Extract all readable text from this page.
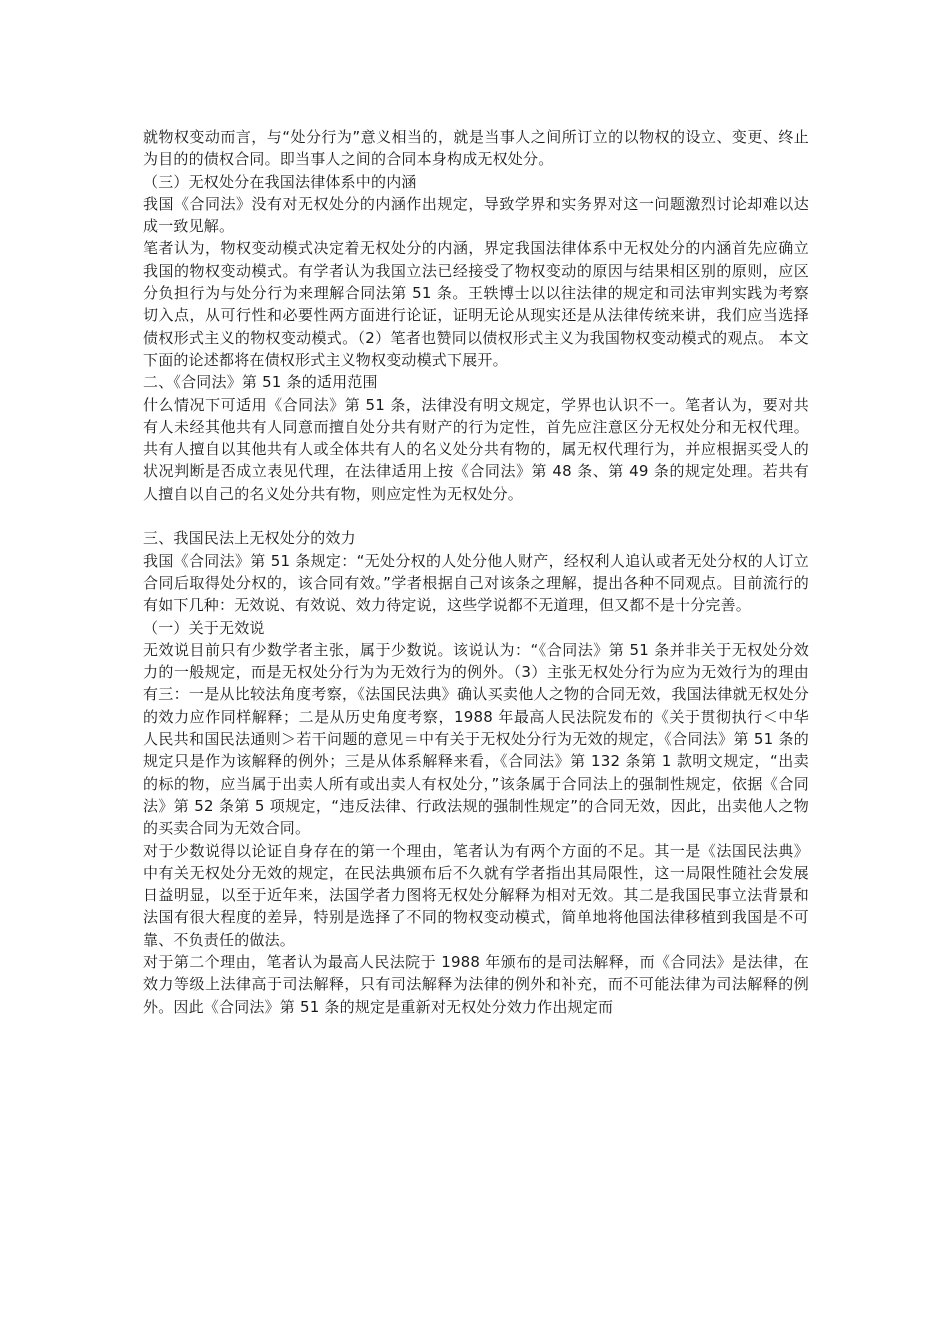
就物权变动而言，与“处分行为”意义相当的，就是当事人之间所订立的以物权的设立、变更、终止为目的的债权合同。即当事人之间的合同本身构成无权处分。

（三）无权处分在我国法律体系中的内涵

我国《合同法》没有对无权处分的内涵作出规定，导致学界和实务界对这一问题激烈讨论却难以达成一致见解。

笔者认为，物权变动模式决定着无权处分的内涵，界定我国法律体系中无权处分的内涵首先应确立我国的物权变动模式。有学者认为我国立法已经接受了物权变动的原因与结果相区别的原则，应区分负担行为与处分行为来理解合同法第 51 条。王轶博士以以往法律的规定和司法审判实践为考察切入点，从可行性和必要性两方面进行论证，证明无论从现实还是从法律传统来讲，我们应当选择债权形式主义的物权变动模式。（2）笔者也赞同以债权形式主义为我国物权变动模式的观点。 本文下面的论述都将在债权形式主义物权变动模式下展开。

二、《合同法》第 51 条的适用范围

什么情况下可适用《合同法》第 51 条，法律没有明文规定，学界也认识不一。笔者认为，要对共有人未经其他共有人同意而擅自处分共有财产的行为定性，首先应注意区分无权处分和无权代理。共有人擅自以其他共有人或全体共有人的名义处分共有物的，属无权代理行为，并应根据买受人的状况判断是否成立表见代理，在法律适用上按《合同法》第 48 条、第 49 条的规定处理。若共有人擅自以自己的名义处分共有物，则应定性为无权处分。

三、我国民法上无权处分的效力

我国《合同法》第 51 条规定：“无处分权的人处分他人财产，经权利人追认或者无处分权的人订立合同后取得处分权的，该合同有效。”学者根据自己对该条之理解，提出各种不同观点。目前流行的有如下几种：无效说、有效说、效力待定说，这些学说都不无道理，但又都不是十分完善。

（一）关于无效说

无效说目前只有少数学者主张，属于少数说。该说认为：“《合同法》第 51 条并非关于无权处分效力的一般规定，而是无权处分行为为无效行为的例外。（3）主张无权处分行为应为无效行为的理由有三：一是从比较法角度考察，《法国民法典》确认买卖他人之物的合同无效，我国法律就无权处分的效力应作同样解释；二是从历史角度考察，1988 年最高人民法院发布的《关于贯彻执行＜中华人民共和国民法通则＞若干问题的意见＝中有关于无权处分行为无效的规定，《合同法》第 51 条的规定只是作为该解释的例外；三是从体系解释来看，《合同法》第 132 条第 1 款明文规定，“出卖的标的物，应当属于出卖人所有或出卖人有权处分，”该条属于合同法上的强制性规定，依据《合同法》第 52 条第 5 项规定，“违反法律、行政法规的强制性规定”的合同无效，因此，出卖他人之物的买卖合同为无效合同。

对于少数说得以论证自身存在的第一个理由，笔者认为有两个方面的不足。其一是《法国民法典》中有关无权处分无效的规定，在民法典颁布后不久就有学者指出其局限性，这一局限性随社会发展日益明显，以至于近年来，法国学者力图将无权处分解释为相对无效。其二是我国民事立法背景和法国有很大程度的差异，特别是选择了不同的物权变动模式，简单地将他国法律移植到我国是不可靠、不负责任的做法。

对于第二个理由，笔者认为最高人民法院于 1988 年颁布的是司法解释，而《合同法》是法律，在效力等级上法律高于司法解释，只有司法解释为法律的例外和补充，而不可能法律为司法解释的例外。因此《合同法》第 51 条的规定是重新对无权处分效力作出规定而
